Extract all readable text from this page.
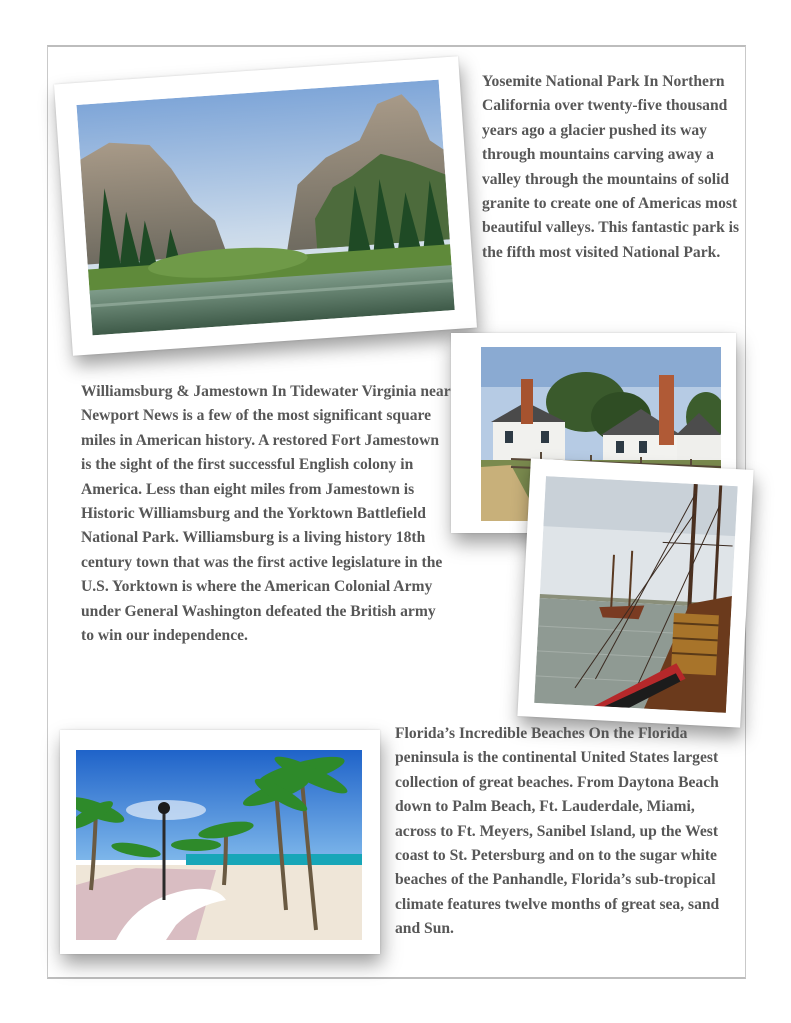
Yosemite National Park In Northern California over twenty-five thousand years ago a glacier pushed its way through mountains carving away a valley through the mountains of solid granite to create one of Americas most beautiful valleys. This fantastic park is the fifth most visited National Park.

Williamsburg & Jamestown In Tidewater Virginia near Newport News is a few of the most significant square miles in American history. A restored Fort Jamestown is the sight of the first successful English colony in America. Less than eight miles from Jamestown is Historic Williamsburg and the Yorktown Battlefield National Park. Williamsburg is a living history 18th century town that was the first active legislature in the U.S. Yorktown is where the American Colonial Army under General Washington defeated the British army to win our independence.

Florida’s Incredible Beaches On the Florida peninsula is the continental United States largest collection of great beaches. From Daytona Beach down to Palm Beach, Ft. Lauderdale, Miami, across to Ft. Meyers, Sanibel Island, up the West coast to St. Petersburg and on to the sugar white beaches of the Panhandle, Florida’s sub-tropical climate features twelve months of great sea, sand and Sun.
